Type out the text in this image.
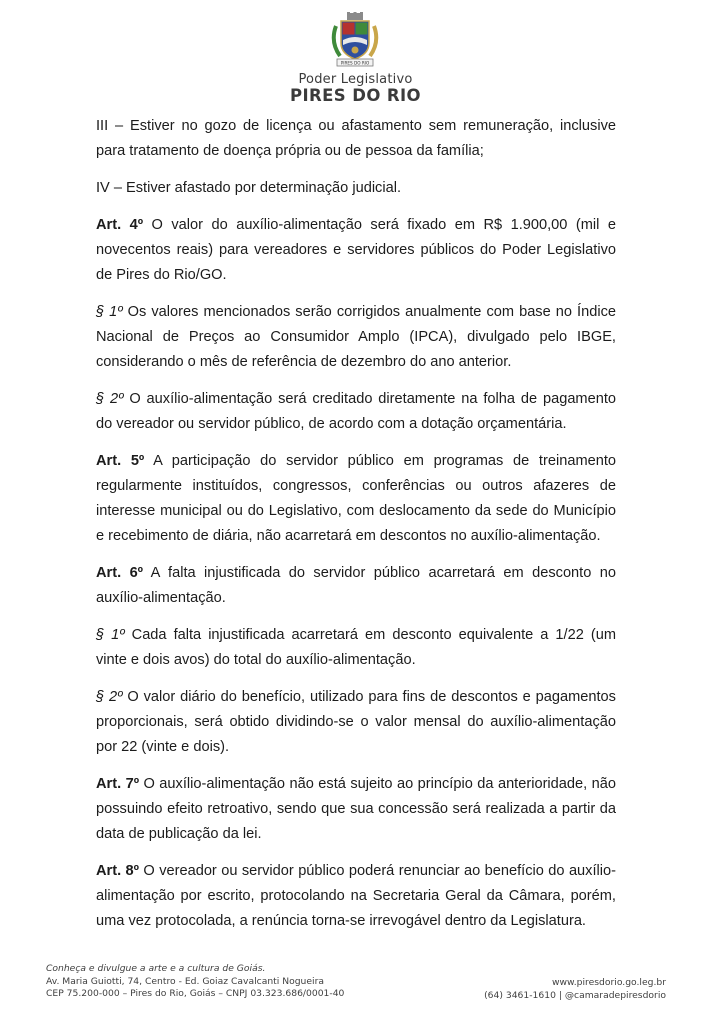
PIRES DO RIO
Poder Legislativo
PIRES DO RIO

III – Estiver no gozo de licença ou afastamento sem remuneração, inclusive para tratamento de doença própria ou de pessoa da família;

IV – Estiver afastado por determinação judicial.

Art. 4º O valor do auxílio-alimentação será fixado em R$ 1.900,00 (mil e novecentos reais) para vereadores e servidores públicos do Poder Legislativo de Pires do Rio/GO.

§ 1º Os valores mencionados serão corrigidos anualmente com base no Índice Nacional de Preços ao Consumidor Amplo (IPCA), divulgado pelo IBGE, considerando o mês de referência de dezembro do ano anterior.

§ 2º O auxílio-alimentação será creditado diretamente na folha de pagamento do vereador ou servidor público, de acordo com a dotação orçamentária.

Art. 5º A participação do servidor público em programas de treinamento regularmente instituídos, congressos, conferências ou outros afazeres de interesse municipal ou do Legislativo, com deslocamento da sede do Município e recebimento de diária, não acarretará em descontos no auxílio-alimentação.

Art. 6º A falta injustificada do servidor público acarretará em desconto no auxílio-alimentação.

§ 1º Cada falta injustificada acarretará em desconto equivalente a 1/22 (um vinte e dois avos) do total do auxílio-alimentação.

§ 2º O valor diário do benefício, utilizado para fins de descontos e pagamentos proporcionais, será obtido dividindo-se o valor mensal do auxílio-alimentação por 22 (vinte e dois).

Art. 7º O auxílio-alimentação não está sujeito ao princípio da anterioridade, não possuindo efeito retroativo, sendo que sua concessão será realizada a partir da data de publicação da lei.

Art. 8º O vereador ou servidor público poderá renunciar ao benefício do auxílio-alimentação por escrito, protocolando na Secretaria Geral da Câmara, porém, uma vez protocolada, a renúncia torna-se irrevogável dentro da Legislatura.

Conheça e divulgue a arte e a cultura de Goiás.
Av. Maria Guiotti, 74, Centro - Ed. Goiaz Cavalcanti Nogueira
CEP 75.200-000 – Pires do Rio, Goiás – CNPJ 03.323.686/0001-40
www.piresdorio.go.leg.br
(64) 3461-1610 | @camaradepiresdorio
